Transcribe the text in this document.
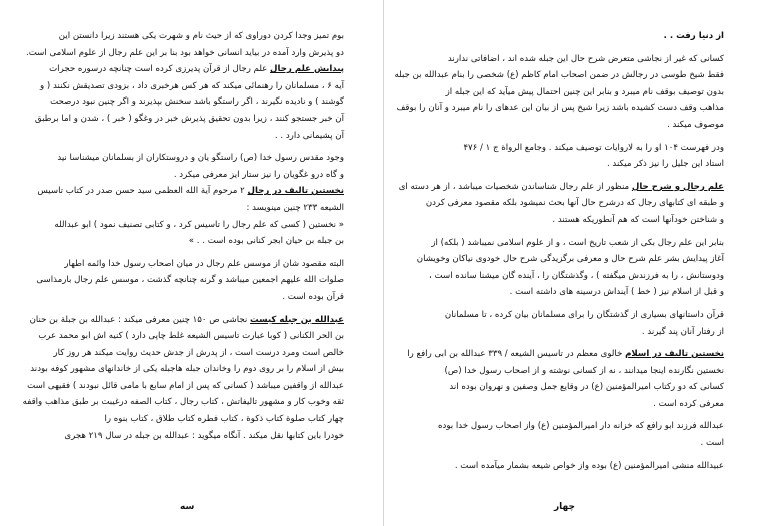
بوم تمیز وجدا کردن دوراوی که از حیث نام و شهرت یکی هستند زیرا دانستن این
دو پذیرش وارد آمده در بیاید انسانی خواهد بود بنا بر این علم رجال از علوم اسلامی است.
پیدایش علم رجال علم رجال از قرآن پدیرزی کرده است چنانچه درسوره حجرات
آیه ۶ ، مسلمانان را رهنمائی میکند که هر کس هرخبری داد ، بزودی تصدیقش نکنند ( و
گوشند ) و نادیده نگیرند ، اگر راستگو باشد سخنش بپذیرند و اگر چنین نبود درصحت
آن خبر جستجو کنند ، زیرا بدون تحقیق پذیرش خبر در وغگو ( خبر ) ، شدن و اما برطبق
آن پشیمانی دارد . .
وجود مقدس رسول خدا (ص) راستگو یان و دروستکاران از بسلمانان میشناسا نید
و گاه درو غگویان را نیز ستار ایز معرفی میکرد .
نخستین تالیف در رجال ۲ مرحوم آیة الله العظمی سید حسن صدر در کتاب تاسیس
الشیعه ۲۳۳ چنین مینویسد :
« نخستین ( کسی که علم رجال را تاسیس کرد ، و کتابی تصنیف نمود ) ابو عبدالله
بن جبله بن حیان ابجر کنانی بوده است . . »
البته مقصود شان از موسس علم رجال در میان اصحاب رسول خدا وائمه اطهار
صلوات الله علیهم اجمعین میباشد و گرنه چنانچه گذشت ، موسس علم رجال بارمذاسی
قرآن بوده است .
عبدالله بن جبله کیست نجاشی ص ۱۵۰ چنین معرفی میکند : عبدالله بن جبلة بن حنان
بن الحر الکنانی ( کوبا عبارت تاسیس الشیعه غلط چاپی دارد ) کنیه اش ابو محمد عرب
خالص است ومرد درست است ، از پدرش از جدش حدیث روایت میکند هر روز کار
بیش از اسلام را بر روی دوم را وخاندان جبله هاجبله یکی از خاندانهای مشهور کوفه بودند
عبدالله از واقفین میباشد ( کسانی که پس از امام سابع با مامی قائل نبودند ) فقیهی است
ثقه وخوب کار و مشهور تالیفاتش ، کتاب رجال ، کتاب الصفه درغیبت بر طبق مذاهب واقفه
چهار کتاب صلوة کتاب ذکوة ، کتاب فطره کتاب طلاق ، کتاب بنوه را
خودرا باین کتابها نقل میکند . آنگاه میگوید : عبدالله بن جبله در سال ۲۱۹ هجری
سه
از دنیا رفت . .
کسانی که غیر از نجاشی متعرض شرح حال این جبله شده اند ، اضافاتی ندارند
فقط شیخ طوسی در رجالش در ضمن اصحاب امام کاظم (ع) شخصی را بنام عبدالله بن جبله
بدون توصیف بوقف نام میبرد و بنابر این چنین احتمال پیش میآید که این جبله از
مذاهب وقف دست کشیده باشد زیرا شیخ پس از بیان این عدهای را نام میبرد و آنان را بوقف
موصوف میکند .
ودر فهرست ۱۰۴ او را به لاروایات توصیف میکند . وجامع الرواة ج ۱ / ۴۷۶
استاد این جلیل را نیز ذکر میکند .
علم رجال و شرح حال منظور از علم رجال شناساندن شخصیات میباشد ، از هر دسته ای
و طبقه ای کتابهای رجال که درشرح حال آنها بحث نمیشود بلکه مقصود معرفی کردن
و شناختن خودآنها است که هم آنطوریکه هستند .
بنابر این علم رجال بکی از شعب تاریخ است ، و از علوم اسلامی نمیباشد ( بلکه) از
آغاز پیدایش بشر علم شرح حال و معرفی برگزیدگی شرح حال خودوی نیاکان وخویشان
ودوستانش ، را به فرزندش میگفته ) ، وگذشتگان را ، آینده گان میشنا سانده است ،
و قبل از اسلام نیز ( خط ) آینداش درسینه های داشته است .
قرآن داستانهای بسیاری از گذشتگان را برای مسلمانان بیان کرده ، تا مسلمانان
از رفتار آنان پند گیرند .
نخستین تالیف در اسلام خالوی معظم در تاسیس الشیعه / ۳۳۹ عبدالله بن ابی رافع را
نخستین نگارنده اینجا میدانند ، نه از کسانی نوشته و از اصحاب رسول خدا (ص)
کسانی که دو رکتاب امیرالمؤمنین (ع) در وقایع جمل وصفین و نهروان بوده اند
معرفی کرده است .
عبدالله فرزند ابو رافع که خزانه دار امیرالمؤمنین (ع) واز اصحاب رسول خدا بوده
است .
عبیدالله منشی امیرالمؤمنین (ع) بوده واز خواص شیعه بشمار میآمده است .
چهار
